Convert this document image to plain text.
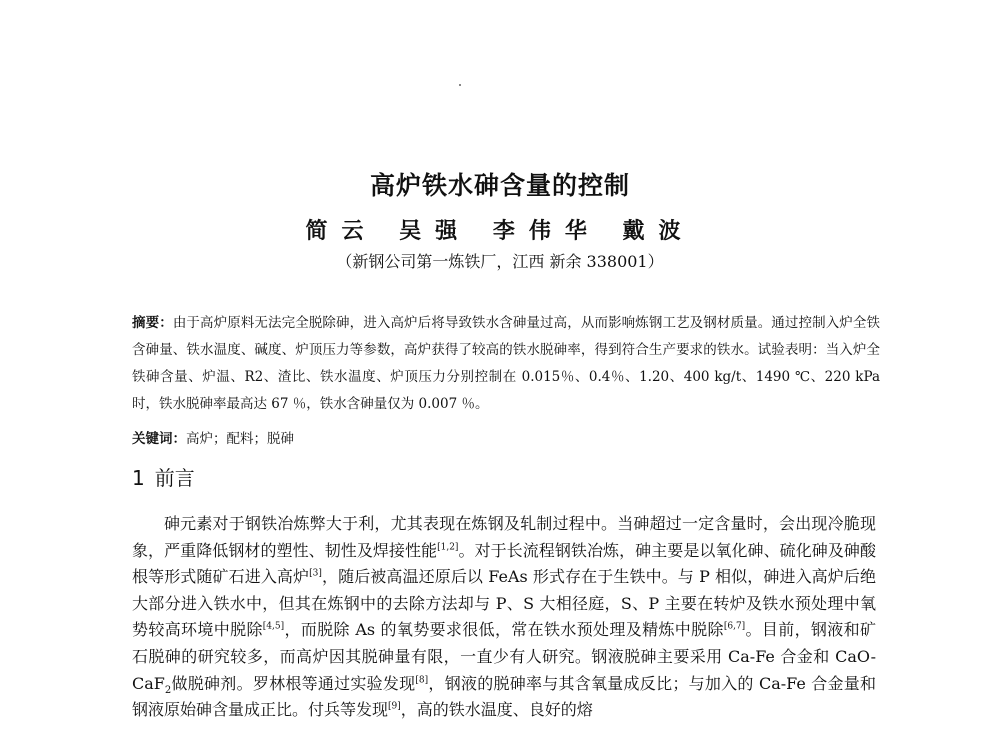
高炉铁水砷含量的控制
简云 吴强 李伟华 戴波
（新钢公司第一炼铁厂，江西 新余 338001）
摘要：由于高炉原料无法完全脱除砷，进入高炉后将导致铁水含砷量过高，从而影响炼钢工艺及钢材质量。通过控制入炉全铁含砷量、铁水温度、碱度、炉顶压力等参数，高炉获得了较高的铁水脱砷率，得到符合生产要求的铁水。试验表明：当入炉全铁砷含量、炉温、R2、渣比、铁水温度、炉顶压力分别控制在 0.015％、0.4％、1.20、400 kg/t、1490 ℃、220 kPa 时，铁水脱砷率最高达 67 ％，铁水含砷量仅为 0.007 ％。
关键词：高炉；配料；脱砷
1 前言
砷元素对于钢铁冶炼弊大于利，尤其表现在炼钢及轧制过程中。当砷超过一定含量时，会出现冷脆现象，严重降低钢材的塑性、韧性及焊接性能[1,2]。对于长流程钢铁冶炼，砷主要是以氧化砷、硫化砷及砷酸根等形式随矿石进入高炉[3]，随后被高温还原后以 FeAs 形式存在于生铁中。与 P 相似，砷进入高炉后绝大部分进入铁水中，但其在炼钢中的去除方法却与 P、S 大相径庭，S、P 主要在转炉及铁水预处理中氧势较高环境中脱除[4,5]，而脱除 As 的氧势要求很低，常在铁水预处理及精炼中脱除[6,7]。目前，钢液和矿石脱砷的研究较多，而高炉因其脱砷量有限，一直少有人研究。钢液脱砷主要采用 Ca-Fe 合金和 CaO-CaF$_2$做脱砷剂。罗林根等通过实验发现[8]，钢液的脱砷率与其含氧量成反比；与加入的 Ca-Fe 合金量和钢液原始砷含量成正比。付兵等发现[9]，高的铁水温度、良好的熔
